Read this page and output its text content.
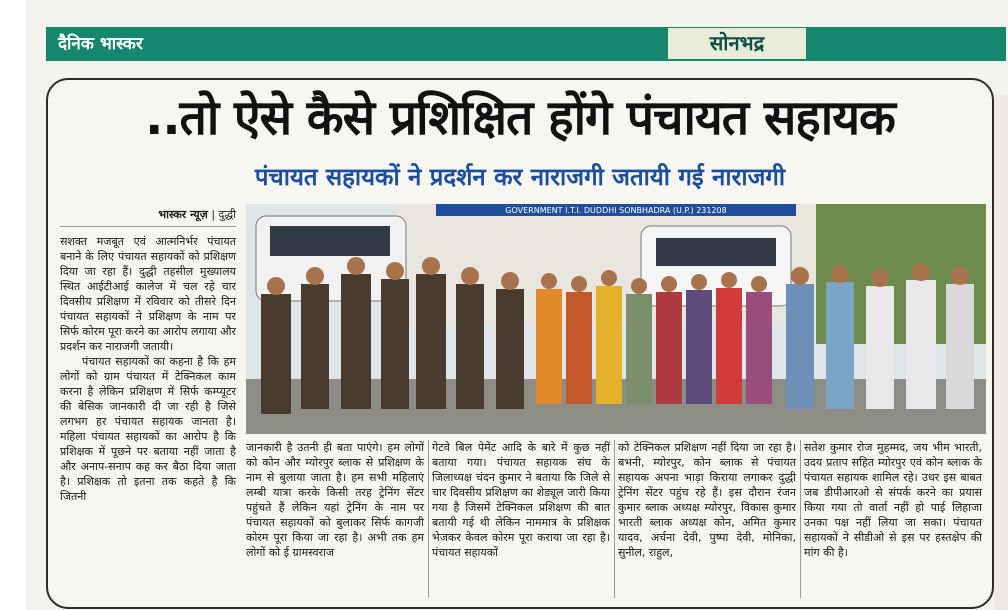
दैनिक भास्कर	सोनभद्र
..तो ऐसे कैसे प्रशिक्षित होंगे पंचायत सहायक
पंचायत सहायकों ने प्रदर्शन कर नाराजगी जतायी गई नाराजगी
भास्कर न्यूज़ | दुद्धी

सशक्त मजबूत एवं आत्मनिर्भर पंचायत बनाने के लिए पंचायत सहायकों को प्रशिक्षण दिया जा रहा हैं। दुद्धी तहसील मुख्यालय स्थित आईटीआई कालेज में चल रहे चार दिवसीय प्रशिक्षण में रविवार को तीसरे दिन पंचायत सहायकों ने प्रशिक्षण के नाम पर सिर्फ कोरम पूरा करने का आरोप लगाया और प्रदर्शन कर नाराजगी जतायी।

पंचायत सहायकों का कहना है कि हम लोगों को ग्राम पंचायत में टेक्निकल काम करना है लेकिन प्रशिक्षण में सिर्फ कम्प्यूटर की बेसिक जानकारी दी जा रही है जिसे लगभग हर पंचायत सहायक जानता है। महिला पंचायत सहायकों का आरोप है कि प्रशिक्षक में पूछने पर बताया नहीं जाता है और अनाप-सनाप कह कर बैठा दिया जाता है। प्रशिक्षक तो इतना तक कहते है कि जितनी

GOVERNMENT I.T.I. DUDDHI SONBHADRA (U.P.) 231208

जानकारी है उतनी ही बता पाएंगे। हम लोगों को कोन और म्योरपुर ब्लाक से प्रशिक्षण के नाम से बुलाया जाता है। हम सभी महिलाएं लम्बी यात्रा करके किसी तरह ट्रेनिंग सेंटर पहुंचते हैं लेकिन यहां ट्रेनिंग के नाम पर पंचायत सहायकों को बुलाकर सिर्फ कागजी कोरम पूरा किया जा रहा है। अभी तक हम लोगों को ई ग्रामस्वराज

गेटवे बिल पेमेंट आदि के बारे में कुछ नहीं बताया गया। पंचायत सहायक संघ के जिलाध्यक्ष चंदन कुमार ने बताया कि जिले से चार दिवसीय प्रशिक्षण का शेड्यूल जारी किया गया है जिसमें टेक्निकल प्रशिक्षण की बात बतायी गई थी लेकिन नाममात्र के प्रशिक्षक भेजकर केवल कोरम पूरा कराया जा रहा है। पंचायत सहायकों

को टेक्निकल प्रशिक्षण नहीं दिया जा रहा है। बभनी, म्योरपुर, कोन ब्लाक से पंचायत सहायक अपना भाड़ा किराया लगाकर दुद्धी ट्रेनिंग सेंटर पहुंच रहे हैं। इस दौरान रंजन कुमार ब्लाक अध्यक्ष म्योरपुर, विकास कुमार भारती ब्लाक अध्यक्ष कोन, अमित कुमार यादव, अर्चना देवी, पुष्पा देवी, मोनिका, सुनील, राहुल,

सतेश कुमार रोज मुहम्मद, जय भीम भारती, उदय प्रताप सहित म्योरपुर एवं कोन ब्लाक के पंचायत सहायक शामिल रहे। उधर इस बाबत जब डीपीआरओ से संपर्क करने का प्रयास किया गया तो वार्ता नहीं हो पाई लिहाजा उनका पक्ष नहीं लिया जा सका। पंचायत सहायकों ने सीडीओ से इस पर हस्तक्षेप की मांग की है।
